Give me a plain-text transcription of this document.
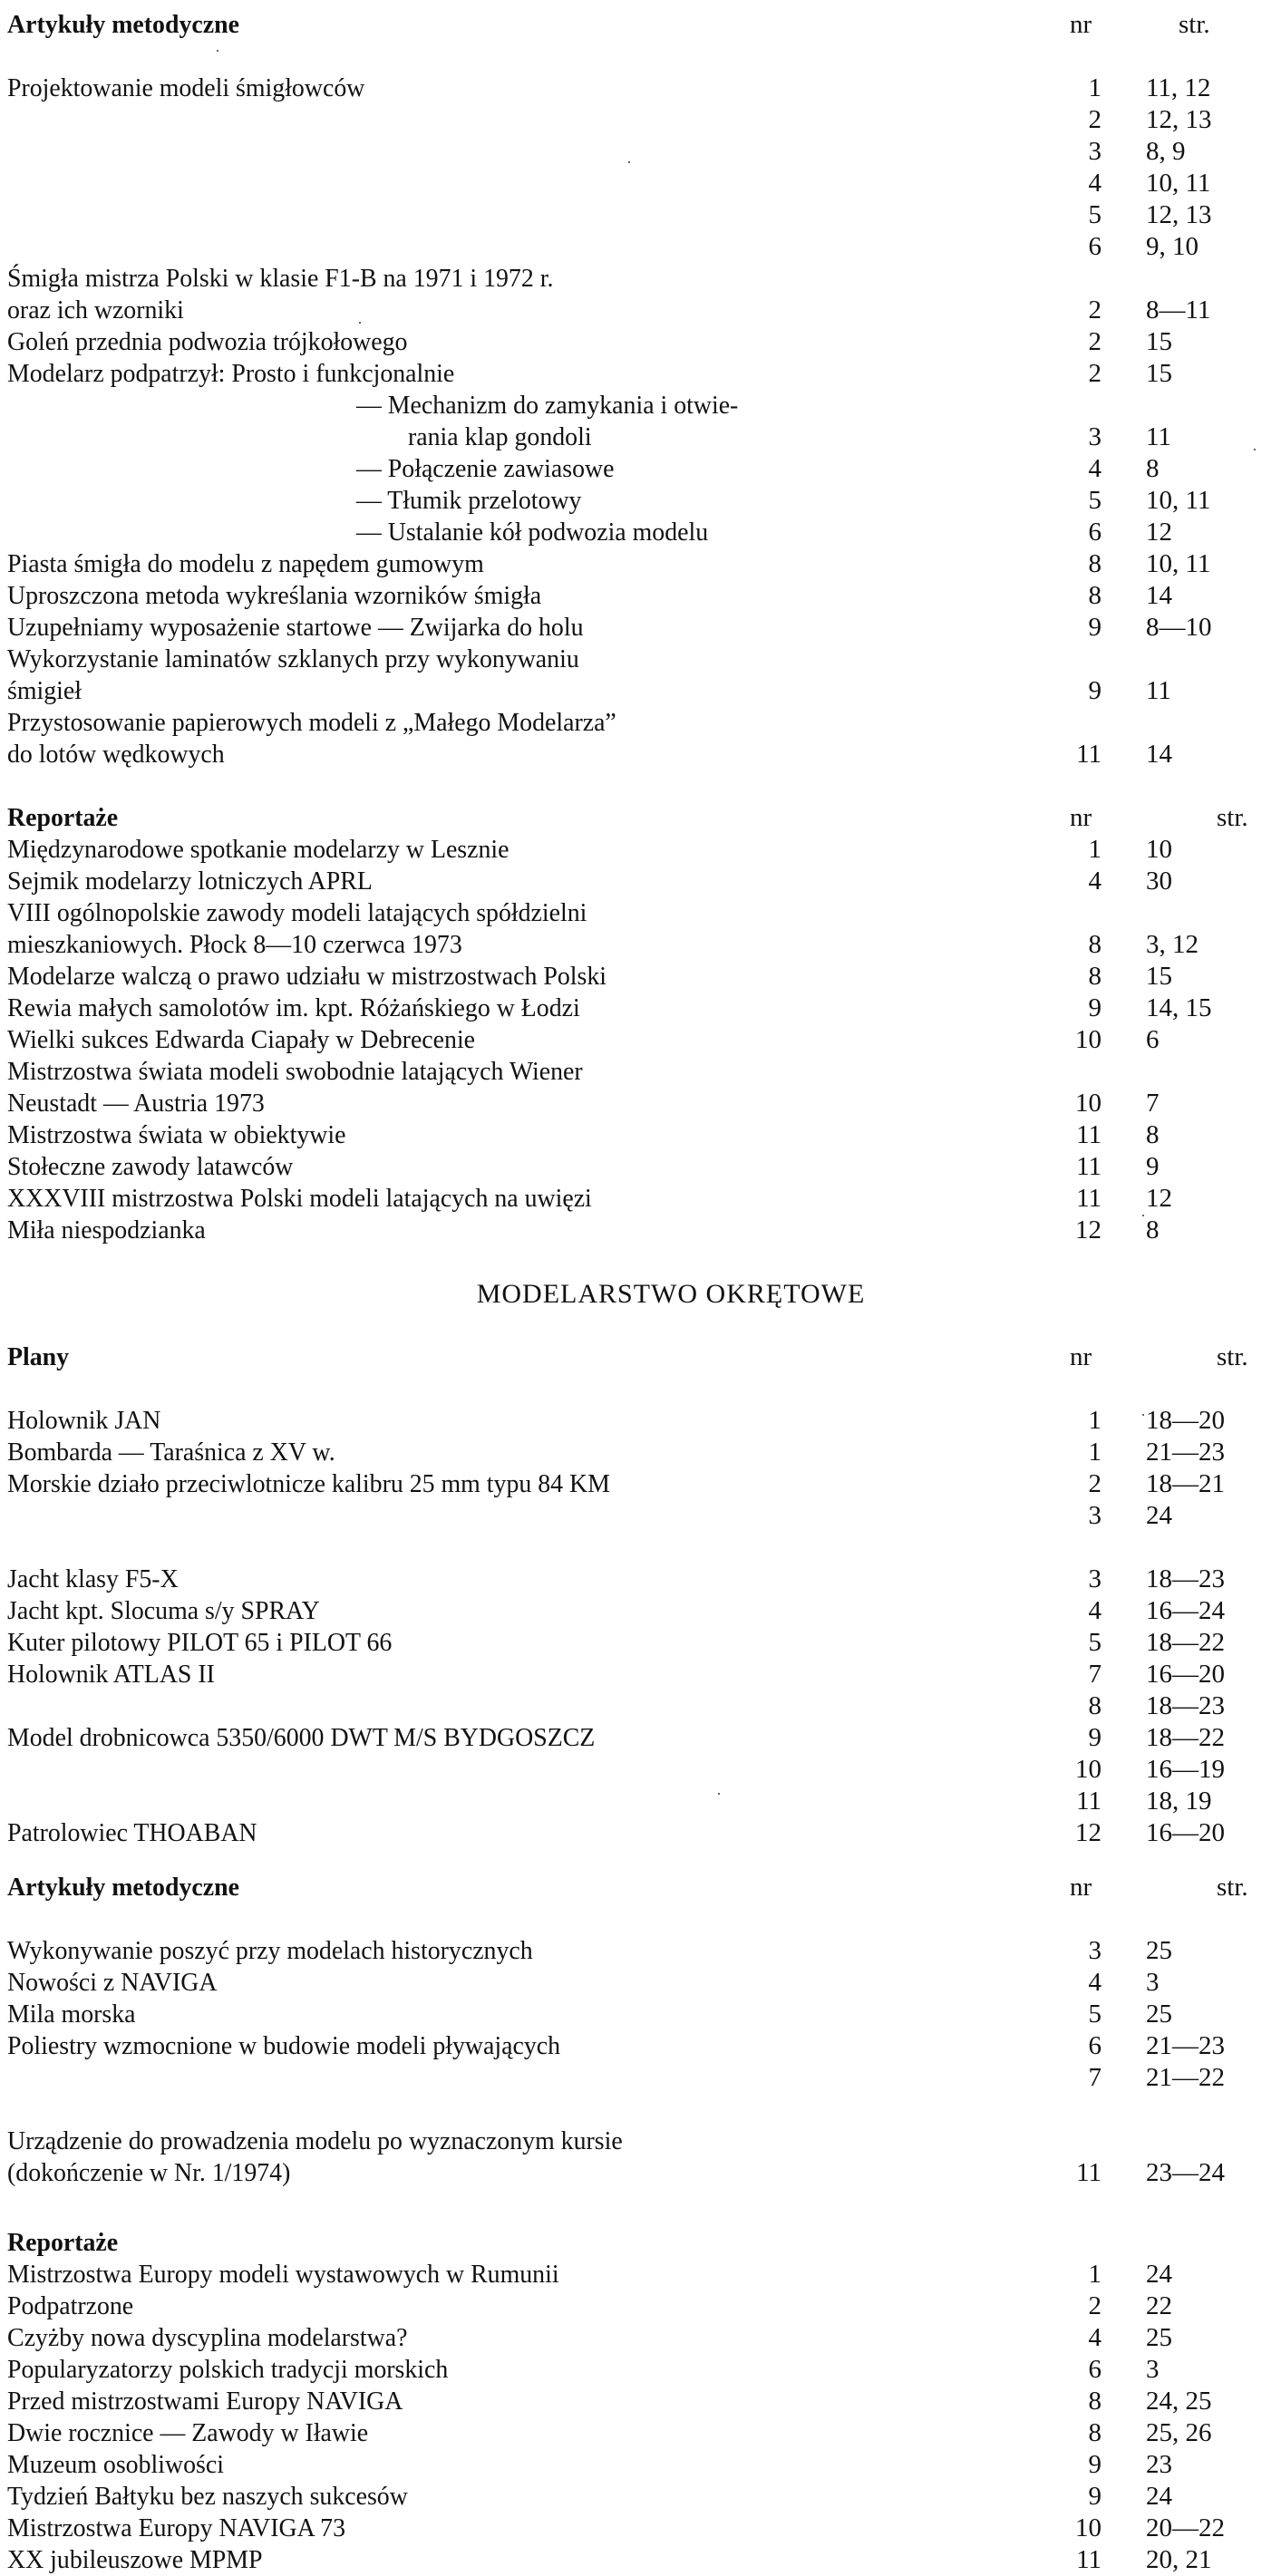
Artykuły metodyczne	nr	str.
Projektowanie modeli śmigłowców	1 11, 12
2 12, 13
3 8, 9
4 10, 11
5 12, 13
6 9, 10
Śmigła mistrza Polski w klasie F1-B na 1971 i 1972 r.
oraz ich wzorniki	2 8—11
Goleń przednia podwozia trójkołowego	2 15
Modelarz podpatrzył: Prosto i funkcjonalnie	2 15
— Mechanizm do zamykania i otwie-
rania klap gondoli	3 11
— Połączenie zawiasowe	4 8
— Tłumik przelotowy	5 10, 11
— Ustalanie kół podwozia modelu	6 12
Piasta śmigła do modelu z napędem gumowym	8 10, 11
Uproszczona metoda wykreślania wzorników śmigła	8 14
Uzupełniamy wyposażenie startowe — Zwijarka do holu	9 8—10
Wykorzystanie laminatów szklanych przy wykonywaniu
śmigieł	9 11
Przystosowanie papierowych modeli z „Małego Modelarza”
do lotów wędkowych	11 14
Reportaże	nr	str.
Międzynarodowe spotkanie modelarzy w Lesznie	1 10
Sejmik modelarzy lotniczych APRL	4 30
VIII ogólnopolskie zawody modeli latających spółdzielni
mieszkaniowych. Płock 8—10 czerwca 1973	8 3, 12
Modelarze walczą o prawo udziału w mistrzostwach Polski	8 15
Rewia małych samolotów im. kpt. Różańskiego w Łodzi	9 14, 15
Wielki sukces Edwarda Ciapały w Debrecenie	10 6
Mistrzostwa świata modeli swobodnie latających Wiener
Neustadt — Austria 1973	10 7
Mistrzostwa świata w obiektywie	11 8
Stołeczne zawody latawców	11 9
XXXVIII mistrzostwa Polski modeli latających na uwięzi	11 12
Miła niespodzianka	12 8
MODELARSTWO OKRĘTOWE
Plany	nr	str.
Holownik JAN	1 18—20
Bombarda — Taraśnica z XV w.	1 21—23
Morskie działo przeciwlotnicze kalibru 25 mm typu 84 KM	2 18—21
3 24
Jacht klasy F5-X	3 18—23
Jacht kpt. Slocuma s/y SPRAY	4 16—24
Kuter pilotowy PILOT 65 i PILOT 66	5 18—22
Holownik ATLAS II	7 16—20
8 18—23
Model drobnicowca 5350/6000 DWT M/S BYDGOSZCZ	9 18—22
10 16—19
11 18, 19
Patrolowiec THOABAN	12 16—20
Artykuły metodyczne	nr	str.
Wykonywanie poszyć przy modelach historycznych	3 25
Nowości z NAVIGA	4 3
Mila morska	5 25
Poliestry wzmocnione w budowie modeli pływających	6 21—23
7 21—22
Urządzenie do prowadzenia modelu po wyznaczonym kursie
(dokończenie w Nr. 1/1974)	11 23—24
Reportaże
Mistrzostwa Europy modeli wystawowych w Rumunii	1 24
Podpatrzone	2 22
Czyżby nowa dyscyplina modelarstwa?	4 25
Popularyzatorzy polskich tradycji morskich	6 3
Przed mistrzostwami Europy NAVIGA	8 24, 25
Dwie rocznice — Zawody w Iławie	8 25, 26
Muzeum osobliwości	9 23
Tydzień Bałtyku bez naszych sukcesów	9 24
Mistrzostwa Europy NAVIGA 73	10 20—22
XX jubileuszowe MPMP	11 20, 21
